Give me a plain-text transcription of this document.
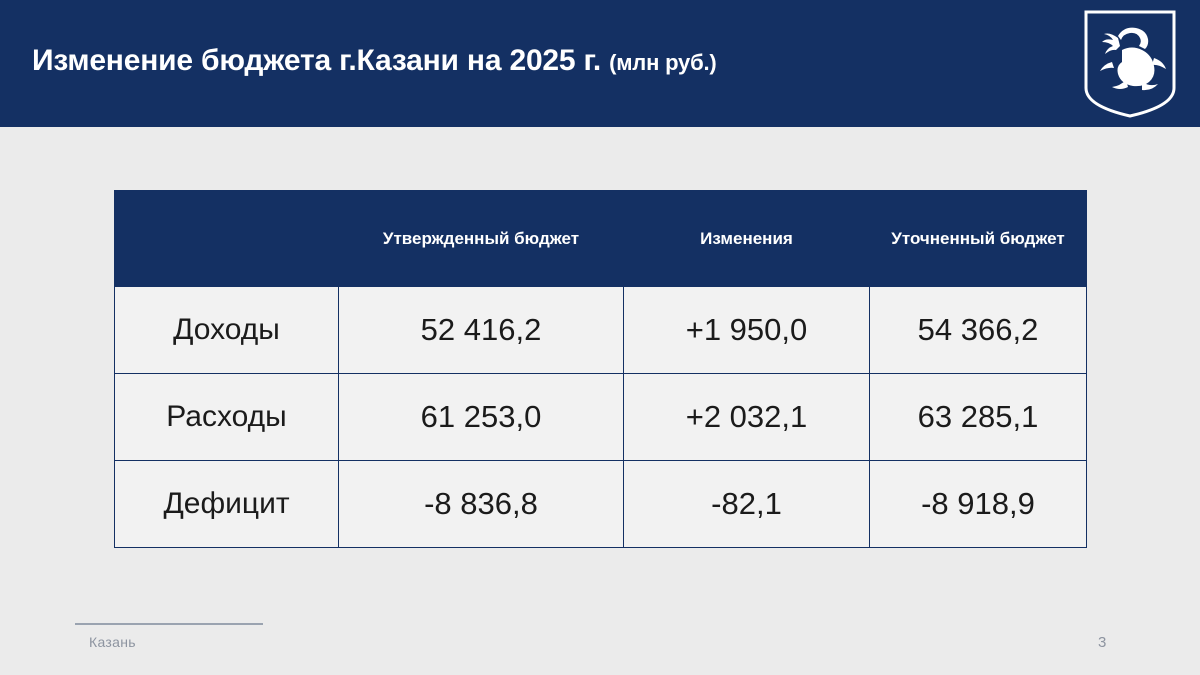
Изменение бюджета г.Казани на 2025 г. (млн руб.)
	Утвержденный бюджет	Изменения	Уточненный бюджет
Доходы	52 416,2	+1 950,0	54 366,2
Расходы	61 253,0	+2 032,1	63 285,1
Дефицит	-8 836,8	-82,1	-8 918,9
Казань	3
